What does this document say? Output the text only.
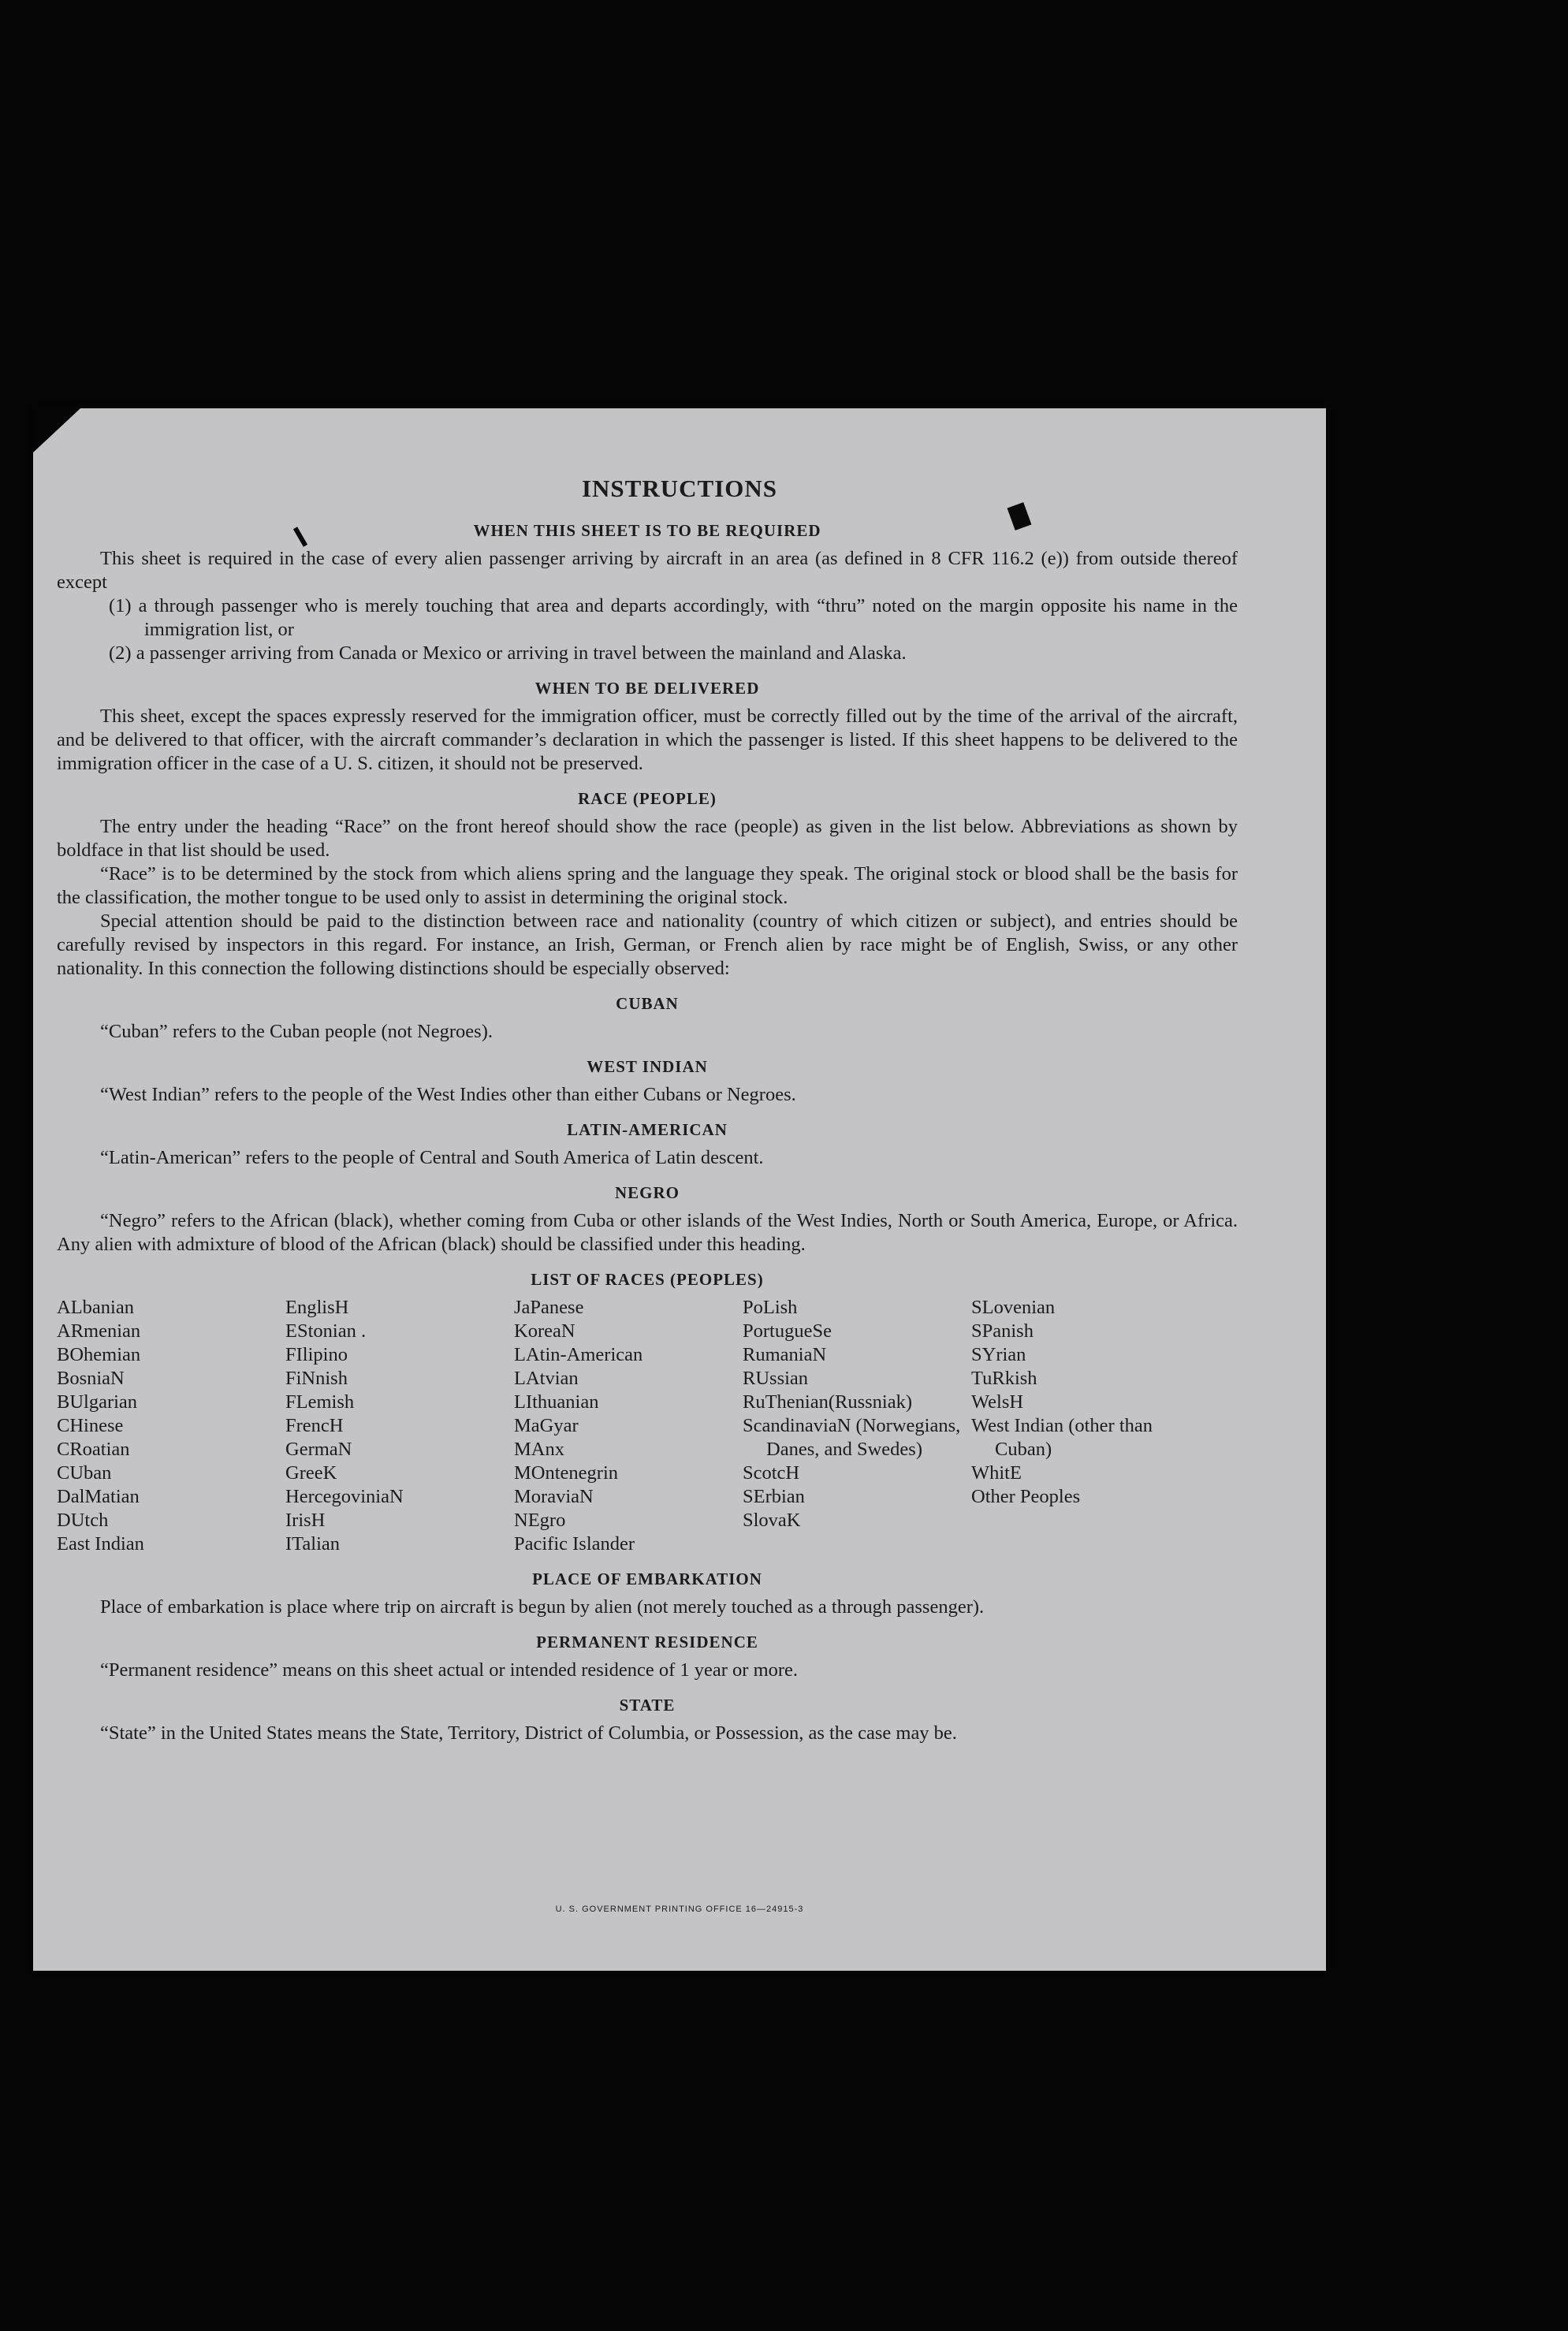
INSTRUCTIONS
WHEN THIS SHEET IS TO BE REQUIRED

This sheet is required in the case of every alien passenger arriving by aircraft in an area (as defined in 8 CFR 116.2 (e)) from outside thereof except

(1) a through passenger who is merely touching that area and departs accordingly, with “thru” noted on the margin opposite his name in the immigration list, or

(2) a passenger arriving from Canada or Mexico or arriving in travel between the mainland and Alaska.

WHEN TO BE DELIVERED

This sheet, except the spaces expressly reserved for the immigration officer, must be correctly filled out by the time of the arrival of the aircraft, and be delivered to that officer, with the aircraft commander’s declaration in which the passenger is listed. If this sheet happens to be delivered to the immigration officer in the case of a U. S. citizen, it should not be preserved.

RACE (PEOPLE)

The entry under the heading “Race” on the front hereof should show the race (people) as given in the list below. Abbreviations as shown by boldface in that list should be used.

“Race” is to be determined by the stock from which aliens spring and the language they speak. The original stock or blood shall be the basis for the classification, the mother tongue to be used only to assist in determining the original stock.

Special attention should be paid to the distinction between race and nationality (country of which citizen or subject), and entries should be carefully revised by inspectors in this regard. For instance, an Irish, German, or French alien by race might be of English, Swiss, or any other nationality. In this connection the following distinctions should be especially observed:

CUBAN

“Cuban” refers to the Cuban people (not Negroes).

WEST INDIAN

“West Indian” refers to the people of the West Indies other than either Cubans or Negroes.

LATIN-AMERICAN

“Latin-American” refers to the people of Central and South America of Latin descent.

NEGRO

“Negro” refers to the African (black), whether coming from Cuba or other islands of the West Indies, North or South America, Europe, or Africa. Any alien with admixture of blood of the African (black) should be classified under this heading.

LIST OF RACES (PEOPLES)
ALbanian
ARmenian
BOhemian
BosniaN
BUlgarian
CHinese
CRoatian
CUban
DalMatian
DUtch
East Indian
EnglisH
EStonian .
FIlipino
FiNnish
FLemish
FrencH
GermaN
GreeK
HercegoviniaN
IrisH
ITalian
JaPanese
KoreaN
LAtin-American
LAtvian
LIthuanian
MaGyar
MAnx
MOntenegrin
MoraviaN
NEgro
Pacific Islander
PoLish
PortugueSe
RumaniaN
RUssian
RuThenian(Russniak)
ScandinaviaN (Norwegians, Danes, and Swedes)
ScotcH
SErbian
SlovaK
SLovenian
SPanish
SYrian
TuRkish
WelsH
West Indian (other than Cuban)
WhitE
Other Peoples
PLACE OF EMBARKATION

Place of embarkation is place where trip on aircraft is begun by alien (not merely touched as a through passenger).

PERMANENT RESIDENCE

“Permanent residence” means on this sheet actual or intended residence of 1 year or more.

STATE

“State” in the United States means the State, Territory, District of Columbia, or Possession, as the case may be.

U. S. GOVERNMENT PRINTING OFFICE 16—24915-3
